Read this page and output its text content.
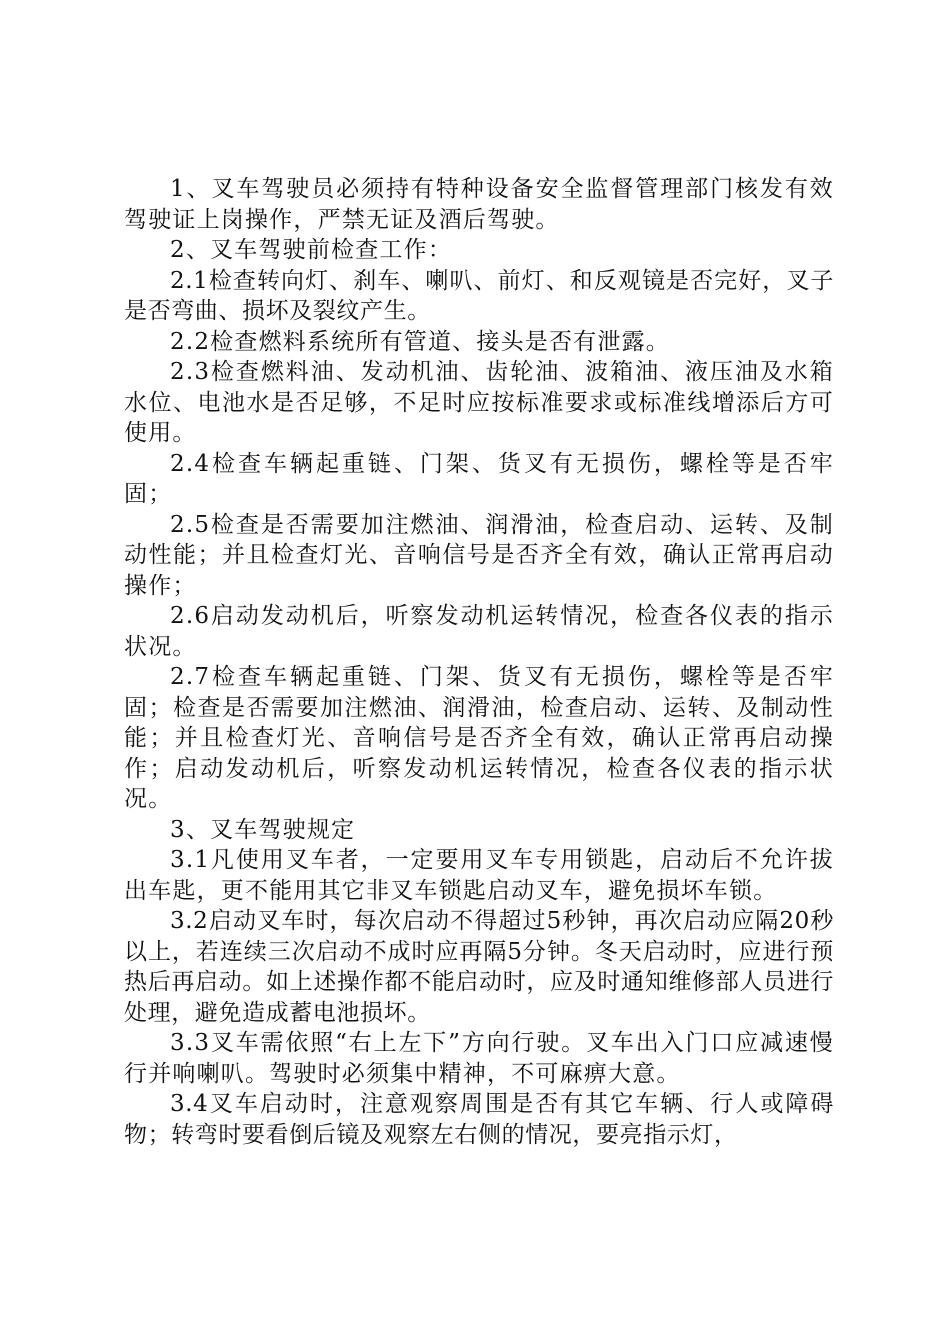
1、叉车驾驶员必须持有特种设备安全监督管理部门核发有效驾驶证上岗操作，严禁无证及酒后驾驶。

2、叉车驾驶前检查工作：

2.1检查转向灯、刹车、喇叭、前灯、和反观镜是否完好，叉子是否弯曲、损坏及裂纹产生。

2.2检查燃料系统所有管道、接头是否有泄露。

2.3检查燃料油、发动机油、齿轮油、波箱油、液压油及水箱水位、电池水是否足够，不足时应按标准要求或标准线增添后方可使用。

2.4检查车辆起重链、门架、货叉有无损伤，螺栓等是否牢固；

2.5检查是否需要加注燃油、润滑油，检查启动、运转、及制动性能；并且检查灯光、音响信号是否齐全有效，确认正常再启动操作；

2.6启动发动机后，听察发动机运转情况，检查各仪表的指示状况。

2.7检查车辆起重链、门架、货叉有无损伤，螺栓等是否牢固；检查是否需要加注燃油、润滑油，检查启动、运转、及制动性能；并且检查灯光、音响信号是否齐全有效，确认正常再启动操作；启动发动机后，听察发动机运转情况，检查各仪表的指示状况。

3、叉车驾驶规定

3.1凡使用叉车者，一定要用叉车专用锁匙，启动后不允许拔出车匙，更不能用其它非叉车锁匙启动叉车，避免损坏车锁。

3.2启动叉车时，每次启动不得超过5秒钟，再次启动应隔20秒以上，若连续三次启动不成时应再隔5分钟。冬天启动时，应进行预热后再启动。如上述操作都不能启动时，应及时通知维修部人员进行处理，避免造成蓄电池损坏。

3.3叉车需依照“右上左下”方向行驶。叉车出入门口应减速慢行并响喇叭。驾驶时必须集中精神，不可麻痹大意。

3.4叉车启动时，注意观察周围是否有其它车辆、行人或障碍物；转弯时要看倒后镜及观察左右侧的情况，要亮指示灯，
